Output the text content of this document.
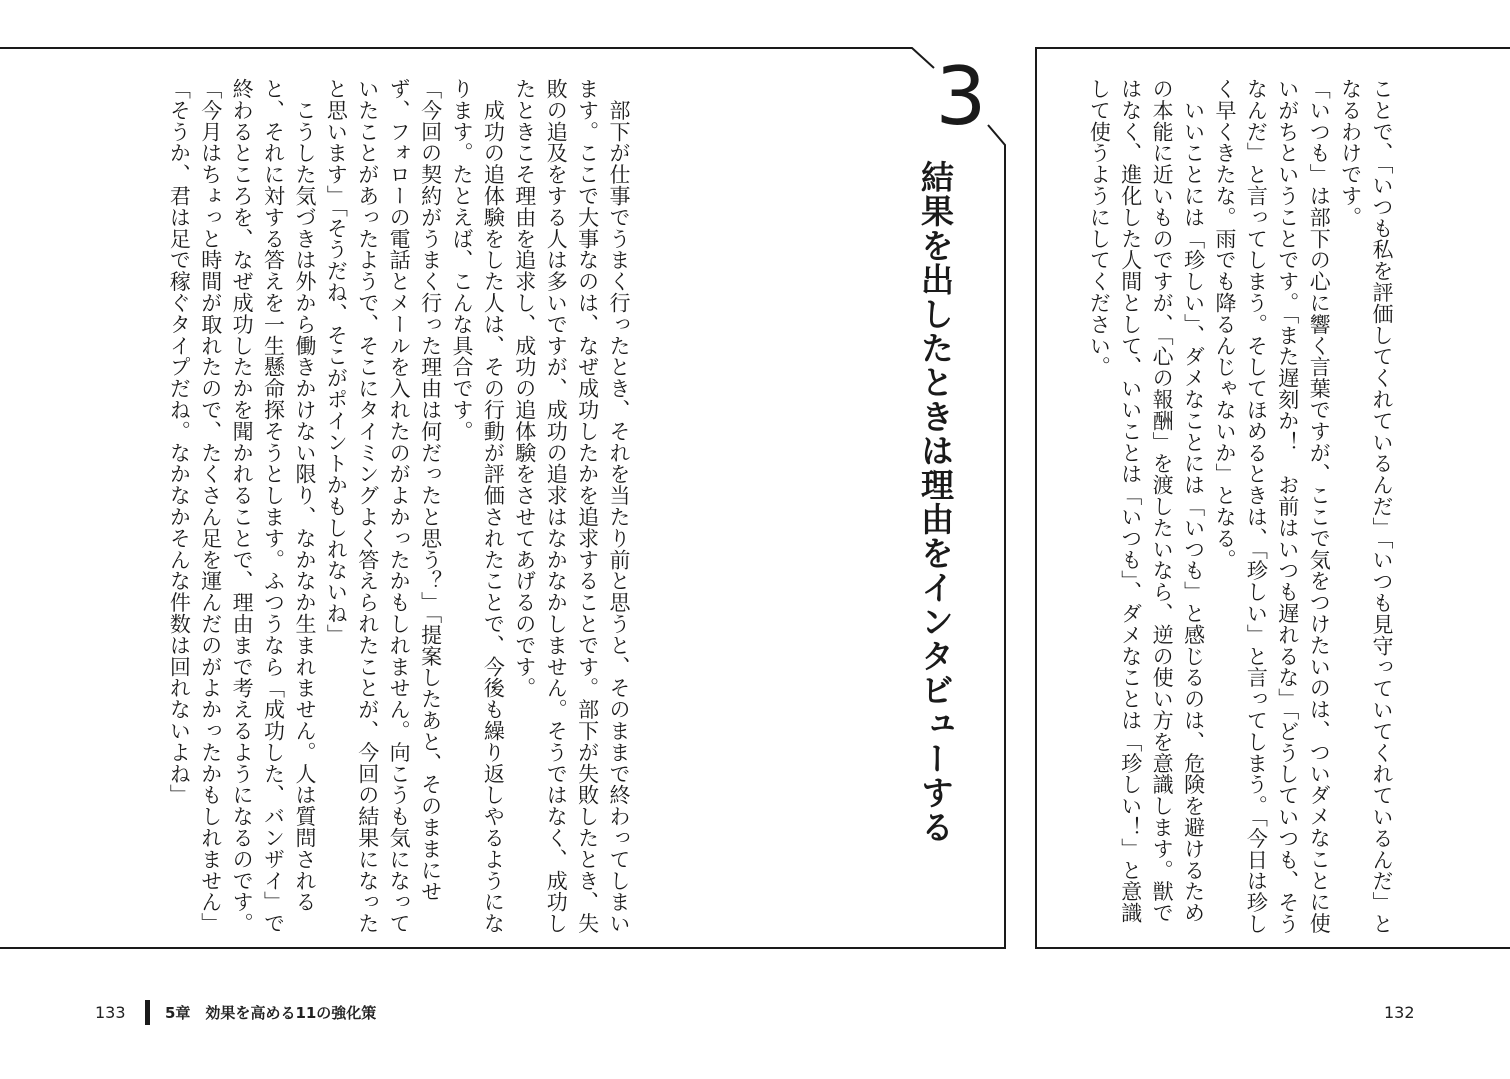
ことで、「いつも私を評価してくれているんだ」「いつも見守っていてくれているんだ」と
なるわけです。
「いつも」は部下の心に響く言葉ですが、ここで気をつけたいのは、ついダメなことに使
いがちということです。「また遅刻か！　お前はいつも遅れるな」「どうしていつも、そう
なんだ」と言ってしまう。そしてほめるときは、「珍しい」と言ってしまう。「今日は珍し
く早くきたな。雨でも降るんじゃないか」となる。
　いいことには「珍しい」、ダメなことには「いつも」と感じるのは、危険を避けるため
の本能に近いものですが、「心の報酬」を渡したいなら、逆の使い方を意識します。獣で
はなく、進化した人間として、いいことは「いつも」、ダメなことは「珍しい！」と意識
して使うようにしてください。
3
結果を出したときは理由をインタビューする
　部下が仕事でうまく行ったとき、それを当たり前と思うと、そのままで終わってしまい
ます。ここで大事なのは、なぜ成功したかを追求することです。部下が失敗したとき、失
敗の追及をする人は多いですが、成功の追求はなかなかしません。そうではなく、成功し
たときこそ理由を追求し、成功の追体験をさせてあげるのです。
　成功の追体験をした人は、その行動が評価されたことで、今後も繰り返しやるようにな
ります。たとえば、こんな具合です。
「今回の契約がうまく行った理由は何だったと思う？」「提案したあと、そのままにせ
ず、フォローの電話とメールを入れたのがよかったかもしれません。向こうも気になって
いたことがあったようで、そこにタイミングよく答えられたことが、今回の結果になった
と思います」「そうだね、そこがポイントかもしれないね」
　こうした気づきは外から働きかけない限り、なかなか生まれません。人は質問される
と、それに対する答えを一生懸命探そうとします。ふつうなら「成功した、バンザイ」で
終わるところを、なぜ成功したかを聞かれることで、理由まで考えるようになるのです。
「今月はちょっと時間が取れたので、たくさん足を運んだのがよかったかもしれません」
「そうか、君は足で稼ぐタイプだね。なかなかそんな件数は回れないよね」
133	5章　効果を高める11の強化策	132
